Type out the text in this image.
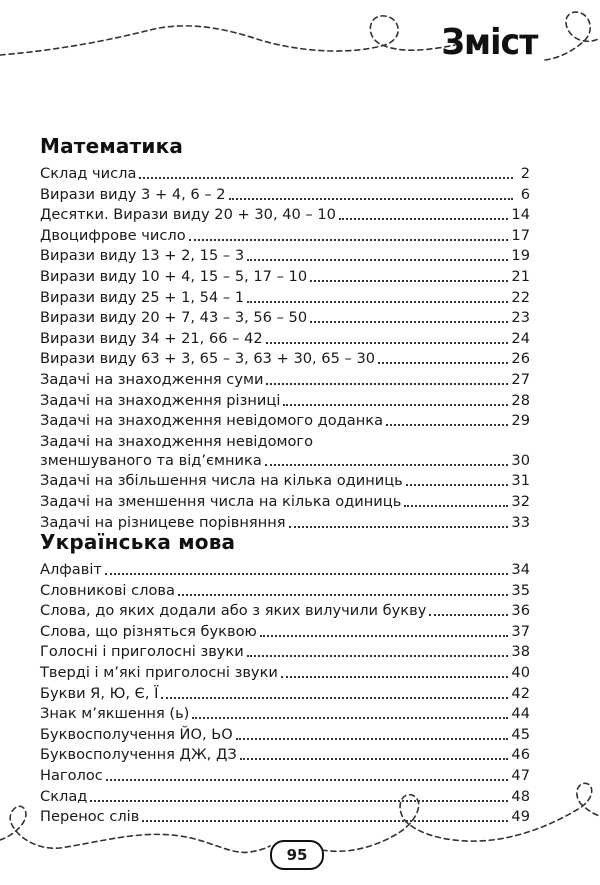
Зміст
Математика
Склад числа	2
Вирази виду 3 + 4, 6 – 2	6
Десятки. Вирази виду 20 + 30, 40 – 10	14
Двоцифрове число	17
Вирази виду 13 + 2, 15 – 3	19
Вирази виду 10 + 4, 15 – 5, 17 – 10	21
Вирази виду 25 + 1, 54 – 1	22
Вирази виду 20 + 7, 43 – 3, 56 – 50	23
Вирази виду 34 + 21, 66 – 42	24
Вирази виду 63 + 3, 65 – 3, 63 + 30, 65 – 30	26
Задачі на знаходження суми	27
Задачі на знаходження різниці	28
Задачі на знаходження невідомого доданка	29
Задачі на знаходження невідомого
зменшуваного та від’ємника	30
Задачі на збільшення числа на кілька одиниць	31
Задачі на зменшення числа на кілька одиниць	32
Задачі на різницеве порівняння	33
Українська мова
Алфавіт	34
Словникові слова	35
Слова, до яких додали або з яких вилучили букву	36
Слова, що різняться буквою	37
Голосні і приголосні звуки	38
Тверді і м’які приголосні звуки	40
Букви Я, Ю, Є, Ї	42
Знак м’якшення (ь)	44
Буквосполучення ЙО, ЬО	45
Буквосполучення ДЖ, ДЗ	46
Наголос	47
Склад	48
Перенос слів	49
95
